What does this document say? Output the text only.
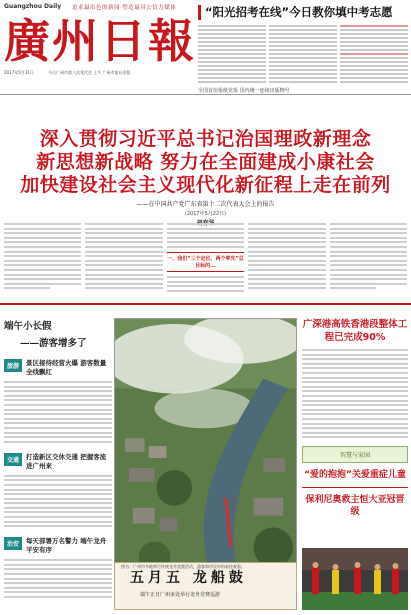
Guangzhou Daily 追求最出色的新闻 塑造最具公信力媒体
廣州日報
2017年5月31日	今日广州市第八次党代会 上午 广州市报社出版
“阳光招考在线”今日教你填中考志愿
全国首份报纸党报 国内统一连续出版物号
深入贯彻习近平总书记治国理政新理念
新思想新战略 努力在全面建成小康社会
加快建设社会主义现代化新征程上走在前列
——在中国共产党广东省第十二次代表大会上的报告
(2017年5月22日)
一、我们“三个定位、两个率先”总目标的...
端午小长假
——游客增多了
旅游	景区接待经营火爆 游客数量全线飘红
交通	打造新区交休交通 把握客流进广州来
治安	每天部署万名警力 端午龙舟平安有序
图为：广州市多地举行传统龙舟竞渡活动，游客和市民纷纷前往观看。
五月五 龙船鼓
端午正日广州多处举行龙舟竞赛巡游
广深港高铁香港段整体工程已完成90%
智慧与家园
“爱的抱抱”关爱重症儿童
保利尼奥救主恒大亚冠晋级
